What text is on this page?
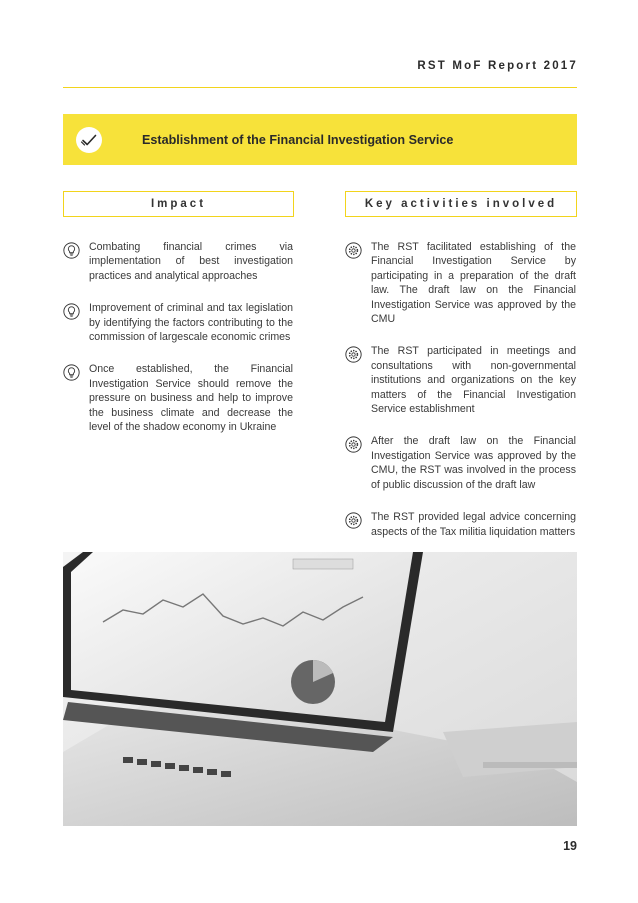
RST MoF Report 2017
Establishment of the Financial Investigation Service
Impact	Key activities involved
Combating financial crimes via implementation of best investigation practices and analytical approaches
Improvement of criminal and tax legislation by identifying the factors contributing to the commission of largescale economic crimes
Once established, the Financial Investigation Service should remove the pressure on business and help to improve the business climate and decrease the level of the shadow economy in Ukraine
The RST facilitated establishing of the Financial Investigation Service by participating in a preparation of the draft law. The draft law on the Financial Investigation Service was approved by the CMU
The RST participated in meetings and consultations with non-governmental institutions and organizations on the key matters of the Financial Investigation Service establishment
After the draft law on the Financial Investigation Service was approved by the CMU, the RST was involved in the process of public discussion of the draft law
The RST provided legal advice concerning aspects of the Tax militia liquidation matters
19
